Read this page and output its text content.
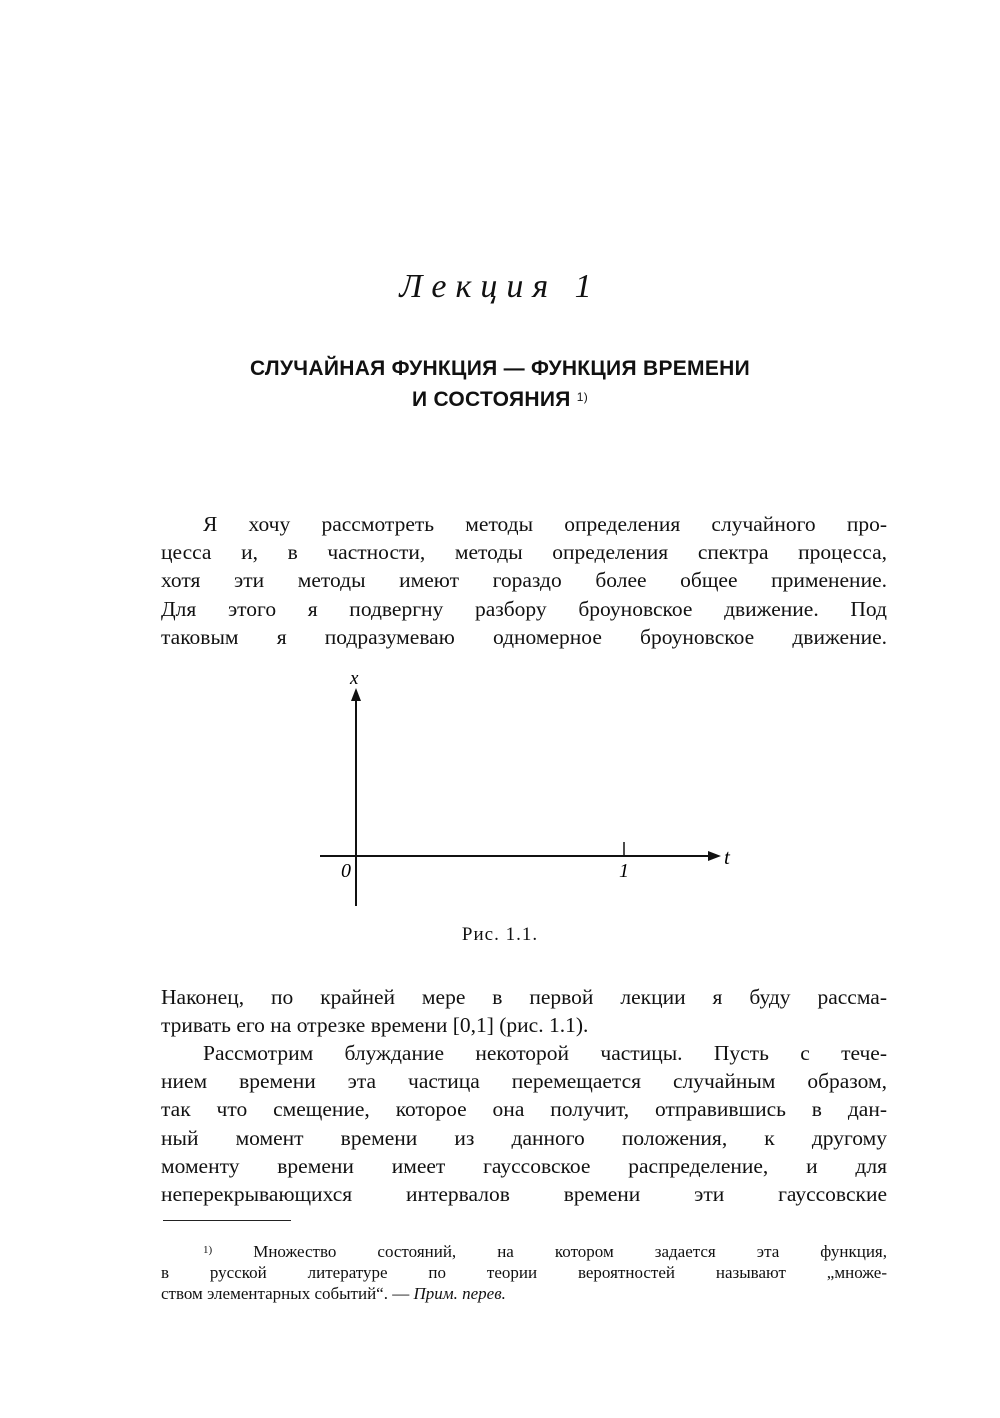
Лекция 1
СЛУЧАЙНАЯ ФУНКЦИЯ — ФУНКЦИЯ ВРЕМЕНИ
И СОСТОЯНИЯ $^{1)}$
Я хочу рассмотреть методы определения случайного про-
цесса и, в частности, методы определения спектра процесса,
хотя эти методы имеют гораздо более общее применение.
Для этого я подвергну разбору броуновское движение. Под
таковым я подразумеваю одномерное броуновское движение.
x
t
0	1
Рис. 1.1.
Наконец, по крайней мере в первой лекции я буду рассма-
тривать его на отрезке времени [0,1] (рис. 1.1).
Рассмотрим блуждание некоторой частицы. Пусть с тече-
нием времени эта частица перемещается случайным образом,
так что смещение, которое она получит, отправившись в дан-
ный момент времени из данного положения, к другому
моменту времени имеет гауссовское распределение, и для
неперекрывающихся интервалов времени эти гауссовские
$^{1)}$ Множество состояний, на котором задается эта функция,
в русской литературе по теории вероятностей называют „множе-
ством элементарных событий“. — Прим. перев.
